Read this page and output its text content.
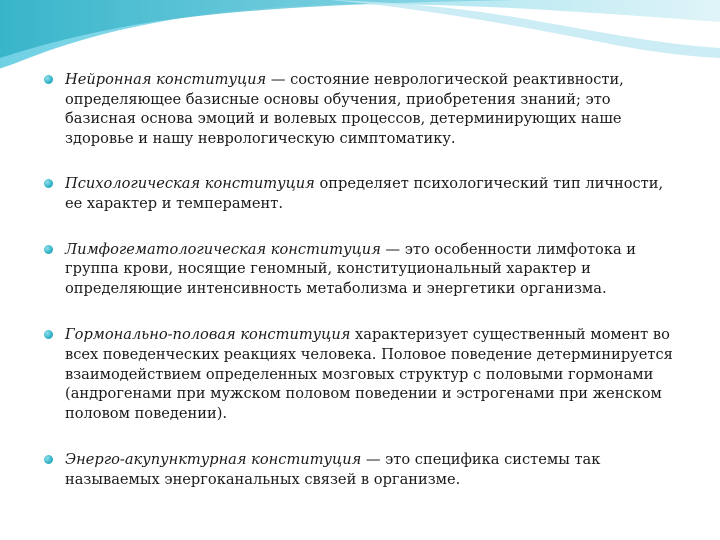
Нейронная конституция — состояние неврологической реактивности, определяющее базисные основы обучения, приобретения знаний; это базисная основа эмоций и волевых процессов, детерминирующих наше здоровье и нашу неврологическую симптоматику.
Психологическая конституция определяет психологический тип личности, ее характер и темперамент.
Лимфогематологическая конституция — это особенности лимфотока и группа крови, носящие геномный, конституциональный характер и определяющие интенсивность метаболизма и энергетики организма.
Гормонально-половая конституция характеризует существенный момент во всех поведенческих реакциях человека. Половое поведение детерминируется взаимодействием определенных мозговых структур с половыми гормонами (андрогенами при мужском половом поведении и эстрогенами при женском половом поведении).
Энерго-акупунктурная конституция — это специфика системы так называемых энергоканальных связей в организме.
